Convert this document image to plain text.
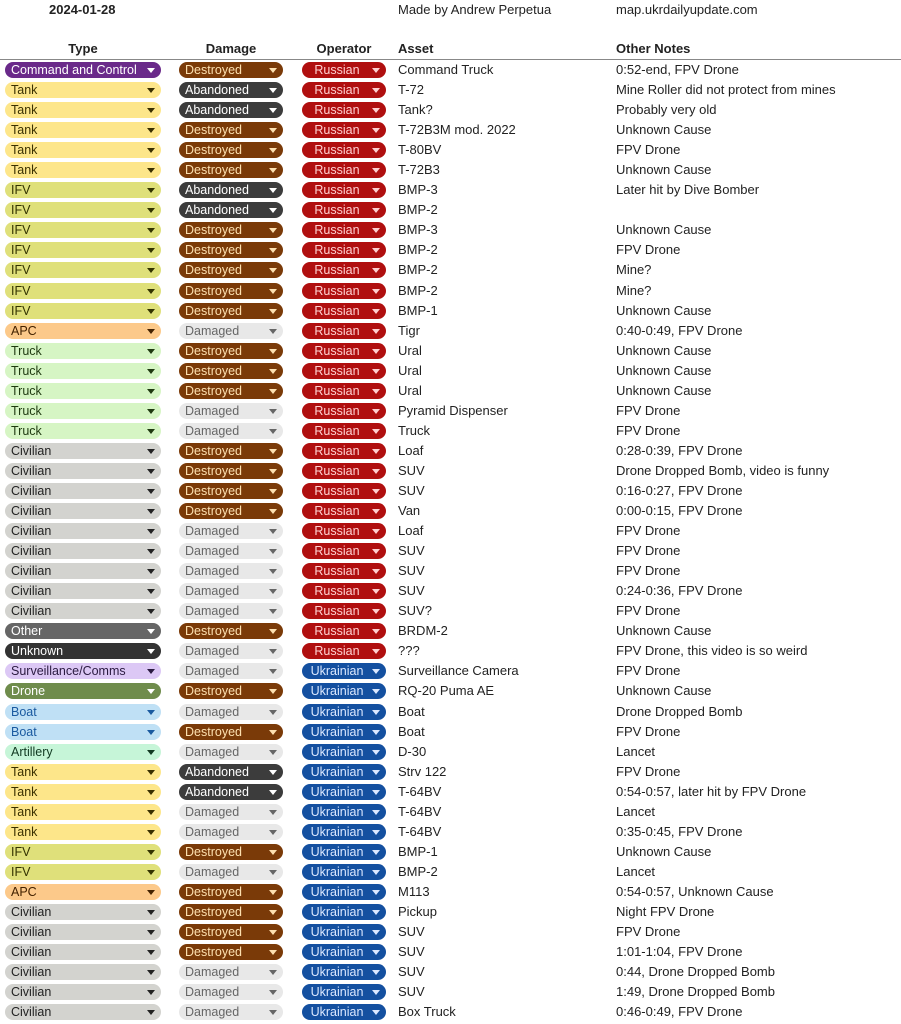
2024-01-28	Made by Andrew Perpetua	map.ukrdailyupdate.com
Type	Damage	Operator	Asset	Other Notes
Command and Control	Destroyed	Russian	Command Truck	0:52-end, FPV Drone
Tank	Abandoned	Russian	T-72	Mine Roller did not protect from mines
Tank	Abandoned	Russian	Tank?	Probably very old
Tank	Destroyed	Russian	T-72B3M mod. 2022	Unknown Cause
Tank	Destroyed	Russian	T-80BV	FPV Drone
Tank	Destroyed	Russian	T-72B3	Unknown Cause
IFV	Abandoned	Russian	BMP-3	Later hit by Dive Bomber
IFV	Abandoned	Russian	BMP-2
IFV	Destroyed	Russian	BMP-3	Unknown Cause
IFV	Destroyed	Russian	BMP-2	FPV Drone
IFV	Destroyed	Russian	BMP-2	Mine?
IFV	Destroyed	Russian	BMP-2	Mine?
IFV	Destroyed	Russian	BMP-1	Unknown Cause
APC	Damaged	Russian	Tigr	0:40-0:49, FPV Drone
Truck	Destroyed	Russian	Ural	Unknown Cause
Truck	Destroyed	Russian	Ural	Unknown Cause
Truck	Destroyed	Russian	Ural	Unknown Cause
Truck	Damaged	Russian	Pyramid Dispenser	FPV Drone
Truck	Damaged	Russian	Truck	FPV Drone
Civilian	Destroyed	Russian	Loaf	0:28-0:39, FPV Drone
Civilian	Destroyed	Russian	SUV	Drone Dropped Bomb, video is funny
Civilian	Destroyed	Russian	SUV	0:16-0:27, FPV Drone
Civilian	Destroyed	Russian	Van	0:00-0:15, FPV Drone
Civilian	Damaged	Russian	Loaf	FPV Drone
Civilian	Damaged	Russian	SUV	FPV Drone
Civilian	Damaged	Russian	SUV	FPV Drone
Civilian	Damaged	Russian	SUV	0:24-0:36, FPV Drone
Civilian	Damaged	Russian	SUV?	FPV Drone
Other	Destroyed	Russian	BRDM-2	Unknown Cause
Unknown	Damaged	Russian	???	FPV Drone, this video is so weird
Surveillance/Comms	Damaged	Ukrainian	Surveillance Camera	FPV Drone
Drone	Destroyed	Ukrainian	RQ-20 Puma AE	Unknown Cause
Boat	Damaged	Ukrainian	Boat	Drone Dropped Bomb
Boat	Destroyed	Ukrainian	Boat	FPV Drone
Artillery	Damaged	Ukrainian	D-30	Lancet
Tank	Abandoned	Ukrainian	Strv 122	FPV Drone
Tank	Abandoned	Ukrainian	T-64BV	0:54-0:57, later hit by FPV Drone
Tank	Damaged	Ukrainian	T-64BV	Lancet
Tank	Damaged	Ukrainian	T-64BV	0:35-0:45, FPV Drone
IFV	Destroyed	Ukrainian	BMP-1	Unknown Cause
IFV	Damaged	Ukrainian	BMP-2	Lancet
APC	Destroyed	Ukrainian	M113	0:54-0:57, Unknown Cause
Civilian	Destroyed	Ukrainian	Pickup	Night FPV Drone
Civilian	Destroyed	Ukrainian	SUV	FPV Drone
Civilian	Destroyed	Ukrainian	SUV	1:01-1:04, FPV Drone
Civilian	Damaged	Ukrainian	SUV	0:44, Drone Dropped Bomb
Civilian	Damaged	Ukrainian	SUV	1:49, Drone Dropped Bomb
Civilian	Damaged	Ukrainian	Box Truck	0:46-0:49, FPV Drone
